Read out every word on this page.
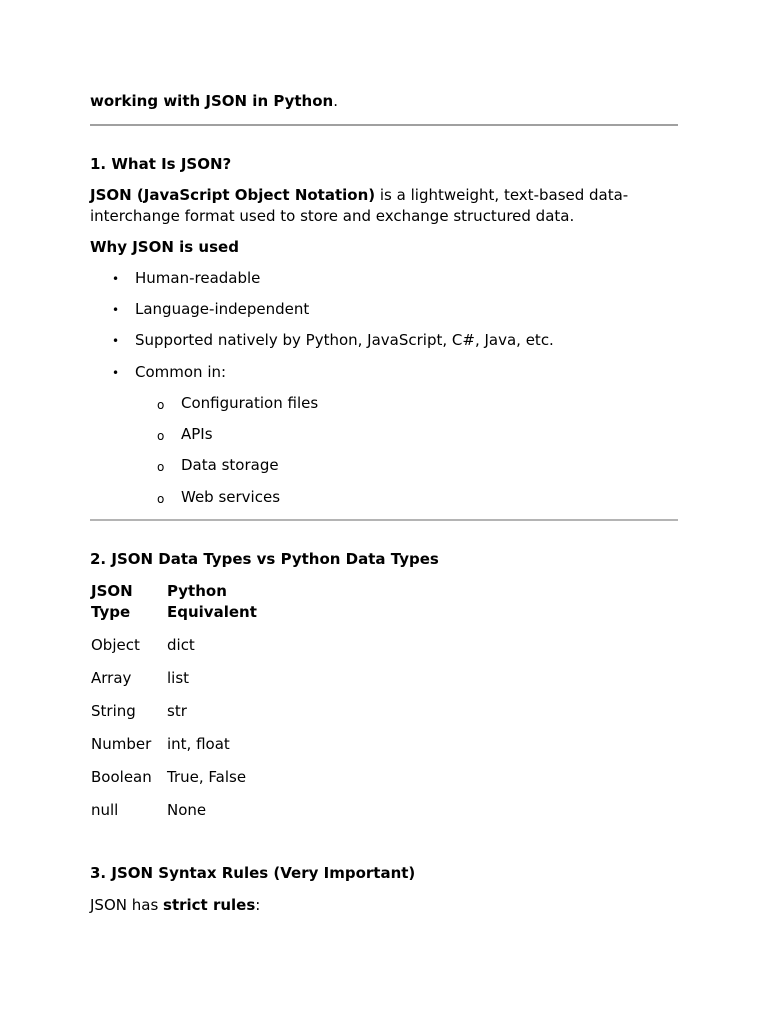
working with JSON in Python.

1. What Is JSON?

JSON (JavaScript Object Notation) is a lightweight, text-based data-

interchange format used to store and exchange structured data.

Why JSON is used

• Human-readable
• Language-independent
• Supported natively by Python, JavaScript, C#, Java, etc.
• Common in:
o Configuration files
o APIs
o Data storage
o Web services

2. JSON Data Types vs Python Data Types

JSON
Type
Python
Equivalent
Object dict
Array list
String str
Number int, float
Boolean True, False
null	None

3. JSON Syntax Rules (Very Important)

JSON has strict rules:
